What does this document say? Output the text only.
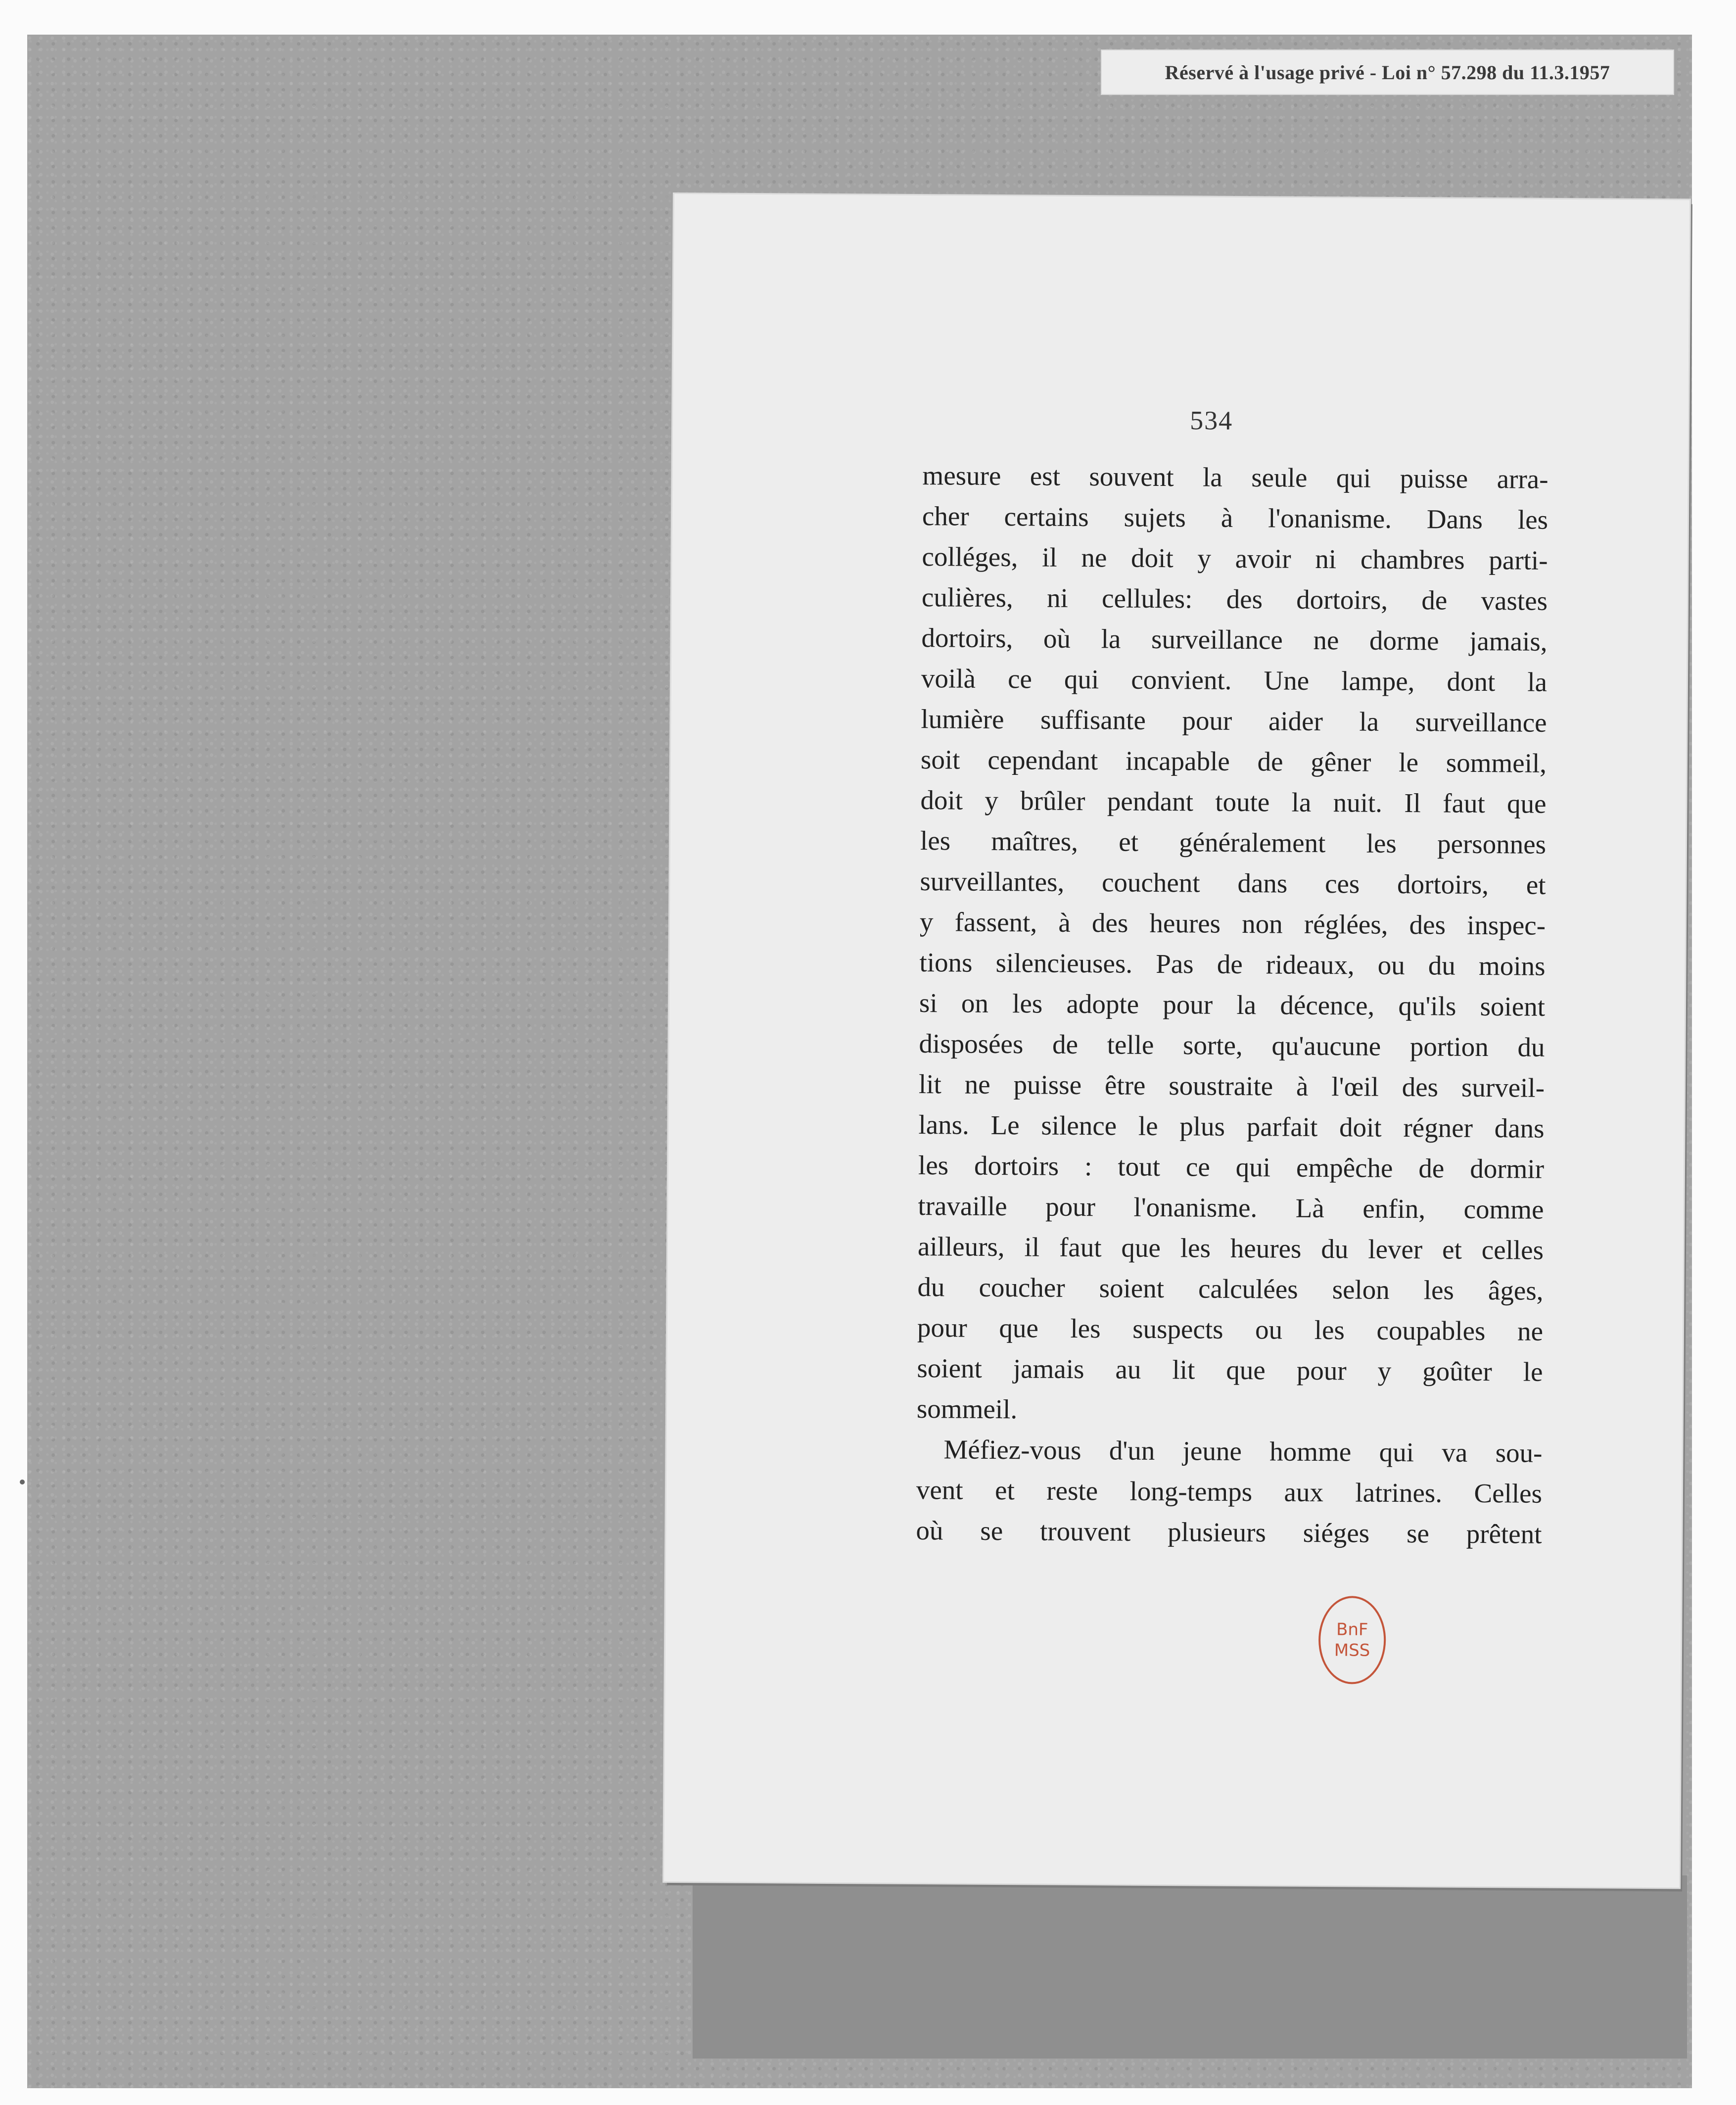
Réservé à l'usage privé - Loi n° 57.298 du 11.3.1957
534
mesure est souvent la seule qui puisse arra-
cher certains sujets à l'onanisme. Dans les
colléges, il ne doit y avoir ni chambres parti-
culières, ni cellules: des dortoirs, de vastes
dortoirs, où la surveillance ne dorme jamais,
voilà ce qui convient. Une lampe, dont la
lumière suffisante pour aider la surveillance
soit cependant incapable de gêner le sommeil,
doit y brûler pendant toute la nuit. Il faut que
les maîtres, et généralement les personnes
surveillantes, couchent dans ces dortoirs, et
y fassent, à des heures non réglées, des inspec-
tions silencieuses. Pas de rideaux, ou du moins
si on les adopte pour la décence, qu'ils soient
disposées de telle sorte, qu'aucune portion du
lit ne puisse être soustraite à l'œil des surveil-
lans. Le silence le plus parfait doit régner dans
les dortoirs : tout ce qui empêche de dormir
travaille pour l'onanisme. Là enfin, comme
ailleurs, il faut que les heures du lever et celles
du coucher soient calculées selon les âges,
pour que les suspects ou les coupables ne
soient jamais au lit que pour y goûter le
sommeil.
Méfiez-vous d'un jeune homme qui va sou-
vent et reste long-temps aux latrines. Celles
où se trouvent plusieurs siéges se prêtent
BnF
MSS
